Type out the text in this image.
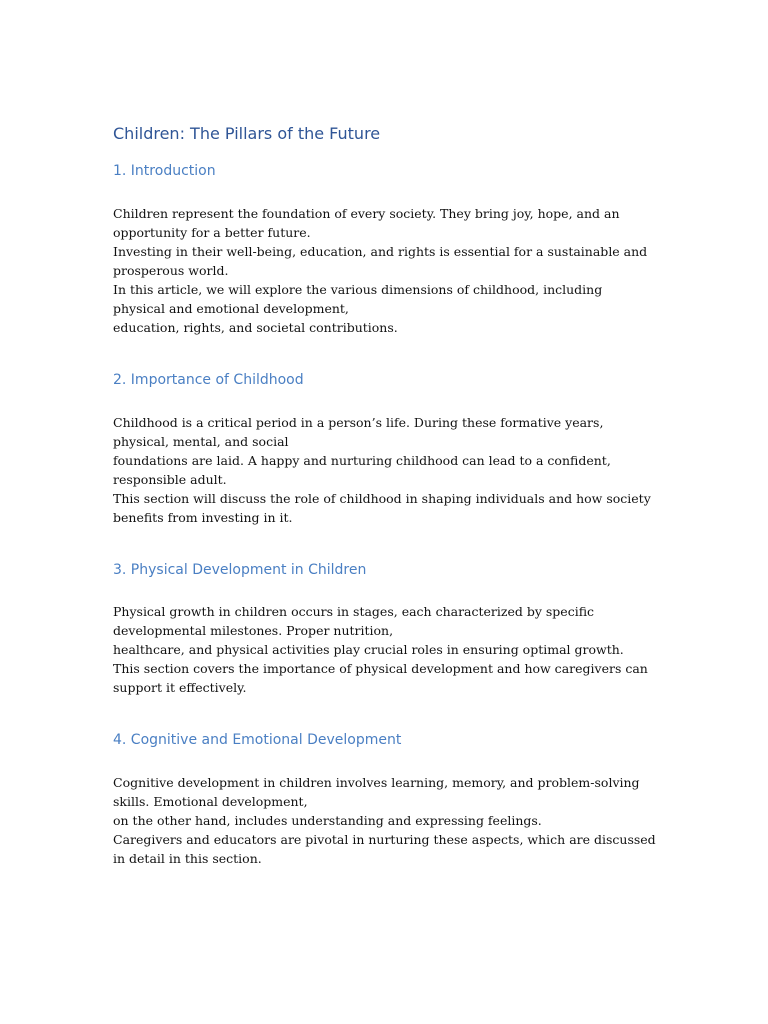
Children: The Pillars of the Future
1. Introduction
Children represent the foundation of every society. They bring joy, hope, and an opportunity for a better future.
Investing in their well-being, education, and rights is essential for a sustainable and prosperous world.
In this article, we will explore the various dimensions of childhood, including physical and emotional development,
education, rights, and societal contributions.
2. Importance of Childhood
Childhood is a critical period in a person’s life. During these formative years, physical, mental, and social
foundations are laid. A happy and nurturing childhood can lead to a confident, responsible adult.
This section will discuss the role of childhood in shaping individuals and how society benefits from investing in it.
3. Physical Development in Children
Physical growth in children occurs in stages, each characterized by specific developmental milestones. Proper nutrition,
healthcare, and physical activities play crucial roles in ensuring optimal growth.
This section covers the importance of physical development and how caregivers can support it effectively.
4. Cognitive and Emotional Development
Cognitive development in children involves learning, memory, and problem-solving skills. Emotional development,
on the other hand, includes understanding and expressing feelings.
Caregivers and educators are pivotal in nurturing these aspects, which are discussed in detail in this section.
